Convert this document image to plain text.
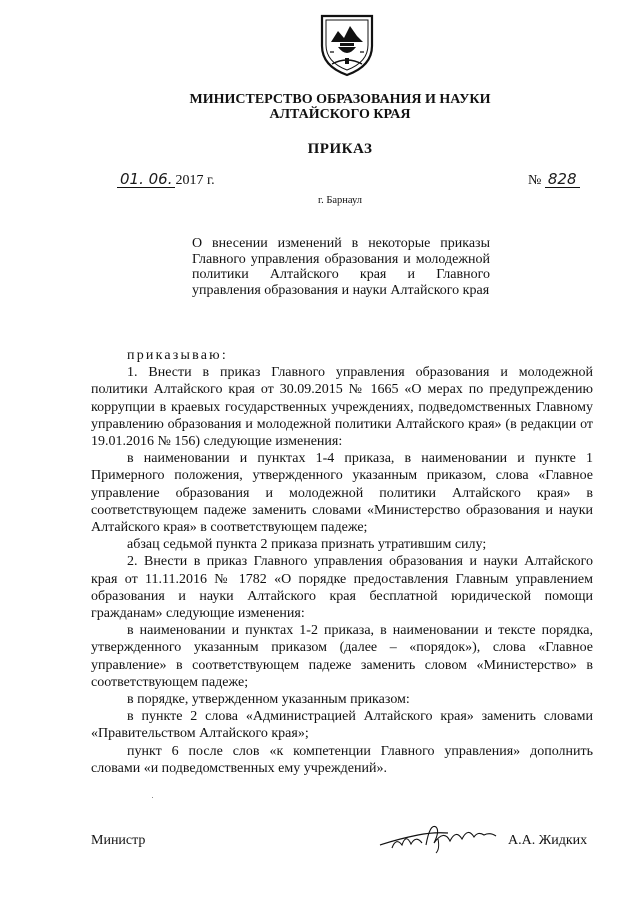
МИНИСТЕРСТВО ОБРАЗОВАНИЯ И НАУКИ
АЛТАЙСКОГО КРАЯ
ПРИКАЗ
01. 06. 2017 г.	№ 828
г. Барнаул
О внесении изменений в некоторые приказы Главного управления образования и молодежной политики Алтайского края и Главного управления образования и науки Алтайского края

приказываю:

1. Внести в приказ Главного управления образования и молодежной политики Алтайского края от 30.09.2015 № 1665 «О мерах по предупреждению коррупции в краевых государственных учреждениях, подведомственных Главному управлению образования и молодежной политики Алтайского края» (в редакции от 19.01.2016 № 156) следующие изменения:

в наименовании и пунктах 1-4 приказа, в наименовании и пункте 1 Примерного положения, утвержденного указанным приказом, слова «Главное управление образования и молодежной политики Алтайского края» в соответствующем падеже заменить словами «Министерство образования и науки Алтайского края» в соответствующем падеже;

абзац седьмой пункта 2 приказа признать утратившим силу;

2. Внести в приказ Главного управления образования и науки Алтайского края от 11.11.2016 № 1782 «О порядке предоставления Главным управлением образования и науки Алтайского края бесплатной юридической помощи гражданам» следующие изменения:

в наименовании и пунктах 1-2 приказа, в наименовании и тексте порядка, утвержденного указанным приказом (далее – «порядок»), слова «Главное управление» в соответствующем падеже заменить словом «Министерство» в соответствующем падеже;

в порядке, утвержденном указанным приказом:

в пункте 2 слова «Администрацией Алтайского края» заменить словами «Правительством Алтайского края»;

пункт 6 после слов «к компетенции Главного управления» дополнить словами «и подведомственных ему учреждений».

Министр	А.А. Жидких
